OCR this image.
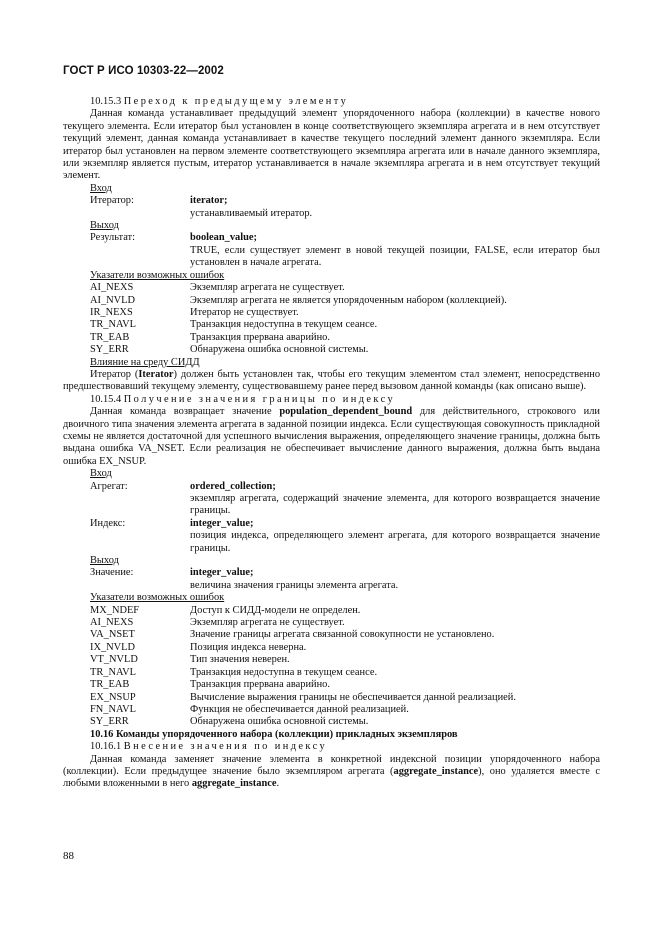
ГОСТ Р ИСО 10303-22—2002
10.15.3
Переход к предыдущему элементу

Данная команда устанавливает предыдущий элемент упорядоченного набора (коллекции) в качестве нового текущего элемента. Если итератор был установлен в конце соответствующего экземпляра агрегата и в нем отсутствует текущий элемент, данная команда устанавливает в качестве текущего последний элемент данного экземпляра. Если итератор был установлен на первом элементе соответствующего экземпляра агрегата или в начале данного экземпляра, или экземпляр является пустым, итератор устанавливается в начале экземпляра агрегата и в нем отсутствует текущий элемент.

Вход
Итератор:	iterator;
устанавливаемый итератор.
Выход
Результат:	boolean_value;
TRUE, если существует элемент в новой текущей позиции, FALSE, если итератор был установлен в начале агрегата.
Указатели возможных ошибок
AI_NEXS	Экземпляр агрегата не существует.
AI_NVLD	Экземпляр агрегата не является упорядоченным набором (коллекцией).
IR_NEXS	Итератор не существует.
TR_NAVL	Транзакция недоступна в текущем сеансе.
TR_EAB	Транзакция прервана аварийно.
SY_ERR	Обнаружена ошибка основной системы.
Влияние на среду СИДД

Итератор (Iterator) должен быть установлен так, чтобы его текущим элементом стал элемент, непосредственно предшествовавший текущему элементу, существовавшему ранее перед вызовом данной команды (как описано выше).

10.15.4
Получение значения границы по индексу

Данная команда возвращает значение population_dependent_bound для действительного, строкового или двоичного типа значения элемента агрегата в заданной позиции индекса. Если существующая совокупность прикладной схемы не является достаточной для успешного вычисления выражения, определяющего значение границы, должна быть выдана ошибка VA_NSET. Если реализация не обеспечивает вычисление данного выражения, должна быть выдана ошибка EX_NSUP.

Вход
Агрегат:	ordered_collection;
экземпляр агрегата, содержащий значение элемента, для которого возвращается значение границы.
Индекс:	integer_value;
позиция индекса, определяющего элемент агрегата, для которого возвращается значение границы.
Выход
Значение:	integer_value;
величина значения границы элемента агрегата.
Указатели возможных ошибок
MX_NDEF	Доступ к СИДД-модели не определен.
AI_NEXS	Экземпляр агрегата не существует.
VA_NSET	Значение границы агрегата связанной совокупности не установлено.
IX_NVLD	Позиция индекса неверна.
VT_NVLD	Тип значения неверен.
TR_NAVL	Транзакция недоступна в текущем сеансе.
TR_EAB	Транзакция прервана аварийно.
EX_NSUP	Вычисление выражения границы не обеспечивается данной реализацией.
FN_NAVL	Функция не обеспечивается данной реализацией.
SY_ERR	Обнаружена ошибка основной системы.
10.16 Команды упорядоченного набора (коллекции) прикладных экземпляров
10.16.1
Внесение значения по индексу

Данная команда заменяет значение элемента в конкретной индексной позиции упорядоченного набора (коллекции). Если предыдущее значение было экземпляром агрегата (aggregate_instance), оно удаляется вместе с любыми вложенными в него aggregate_instance.

88
